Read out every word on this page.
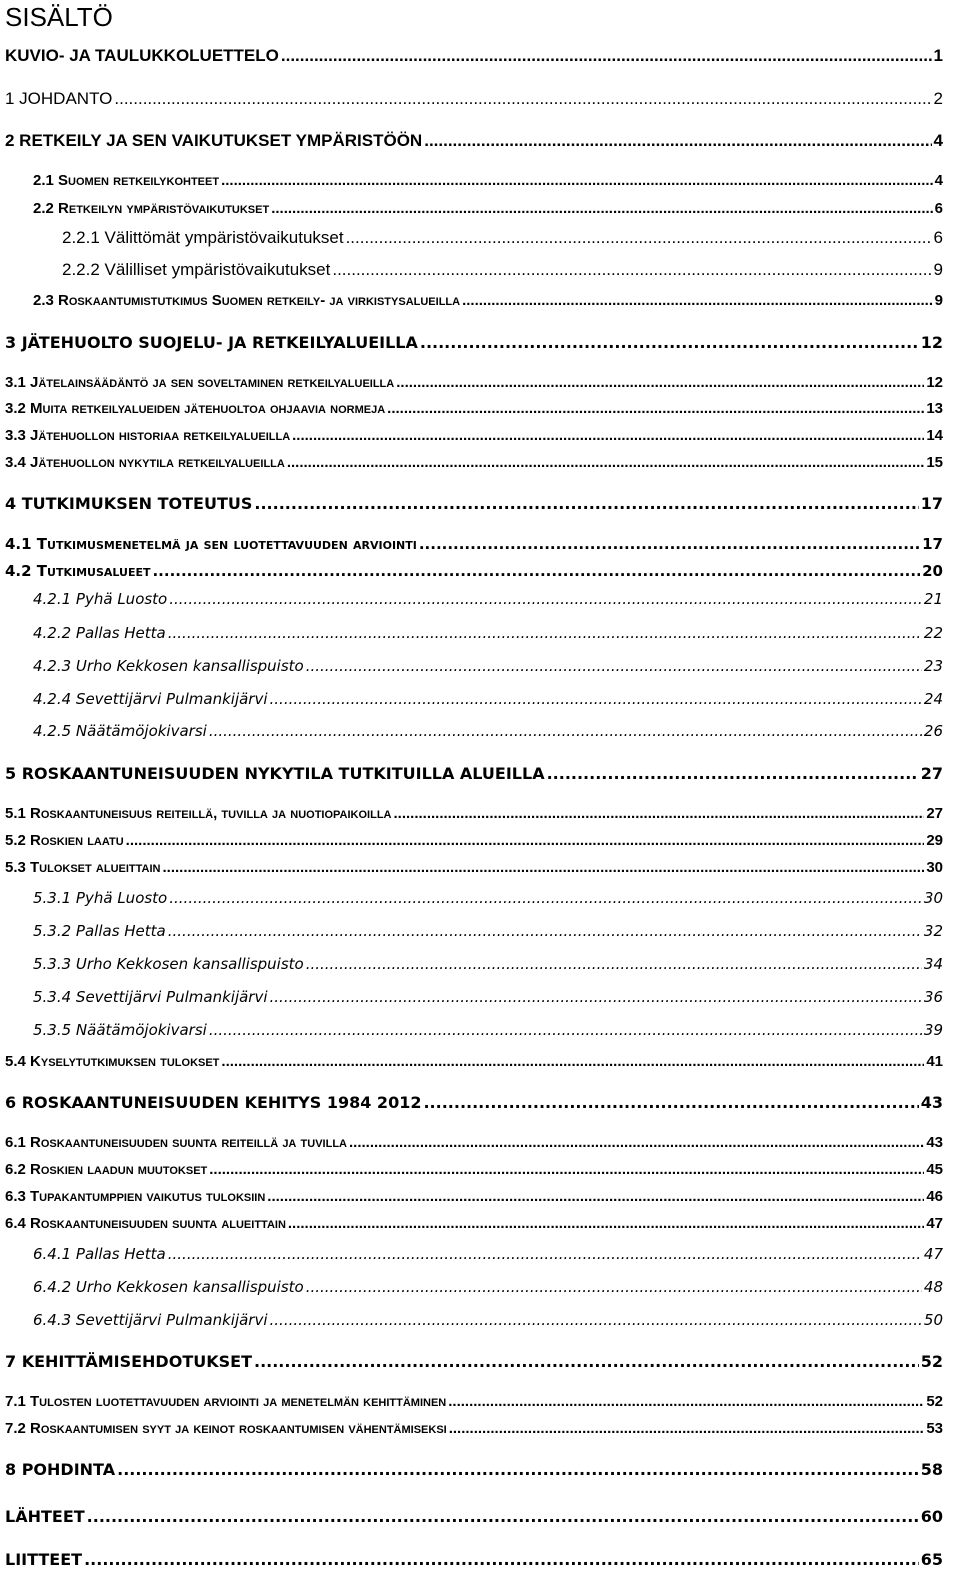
SISÄLTÖ
KUVIO- JA TAULUKKOLUETTELO .....	1
1 JOHDANTO .....	2
2 RETKEILY JA SEN VAIKUTUKSET YMPÄRISTÖÖN .....	4
2.1 Suomen retkeilykohteet .....	4
2.2 Retkeilyn ympäristövaikutukset .....	6
2.2.1 Välittömät ympäristövaikutukset .....	6
2.2.2 Välilliset ympäristövaikutukset .....	9
2.3 Roskaantumistutkimus Suomen retkeily- ja virkistysalueilla .....	9
3 JÄTEHUOLTO SUOJELU- JA RETKEILYALUEILLA .....	12
3.1 Jätelainsäädäntö ja sen soveltaminen retkeilyalueilla .....	12
3.2 Muita retkeilyalueiden jätehuoltoa ohjaavia normeja .....	13
3.3 Jätehuollon historiaa retkeilyalueilla .....	14
3.4 Jätehuollon nykytila retkeilyalueilla .....	15
4 TUTKIMUKSEN TOTEUTUS .....	17
4.1 Tutkimusmenetelmä ja sen luotettavuuden arviointi .....	17
4.2 Tutkimusalueet .....	20
4.2.1 Pyhä Luosto .....	21
4.2.2 Pallas Hetta .....	22
4.2.3 Urho Kekkosen kansallispuisto .....	23
4.2.4 Sevettijärvi Pulmankijärvi .....	24
4.2.5 Näätämöjokivarsi .....	26
5 ROSKAANTUNEISUUDEN NYKYTILA TUTKITUILLA ALUEILLA .....	27
5.1 Roskaantuneisuus reiteillä, tuvilla ja nuotiopaikoilla .....	27
5.2 Roskien laatu .....	29
5.3 Tulokset alueittain .....	30
5.3.1 Pyhä Luosto .....	30
5.3.2 Pallas Hetta .....	32
5.3.3 Urho Kekkosen kansallispuisto .....	34
5.3.4 Sevettijärvi Pulmankijärvi .....	36
5.3.5 Näätämöjokivarsi .....	39
5.4 Kyselytutkimuksen tulokset .....	41
6 ROSKAANTUNEISUUDEN KEHITYS 1984 2012 .....	43
6.1 Roskaantuneisuuden suunta reiteillä ja tuvilla .....	43
6.2 Roskien laadun muutokset .....	45
6.3 Tupakantumppien vaikutus tuloksiin .....	46
6.4 Roskaantuneisuuden suunta alueittain .....	47
6.4.1 Pallas Hetta .....	47
6.4.2 Urho Kekkosen kansallispuisto .....	48
6.4.3 Sevettijärvi Pulmankijärvi .....	50
7 KEHITTÄMISEHDOTUKSET .....	52
7.1 Tulosten luotettavuuden arviointi ja menetelmän kehittäminen .....	52
7.2 Roskaantumisen syyt ja keinot roskaantumisen vähentämiseksi .....	53
8 POHDINTA .....	58
LÄHTEET .....	60
LIITTEET .....	65
